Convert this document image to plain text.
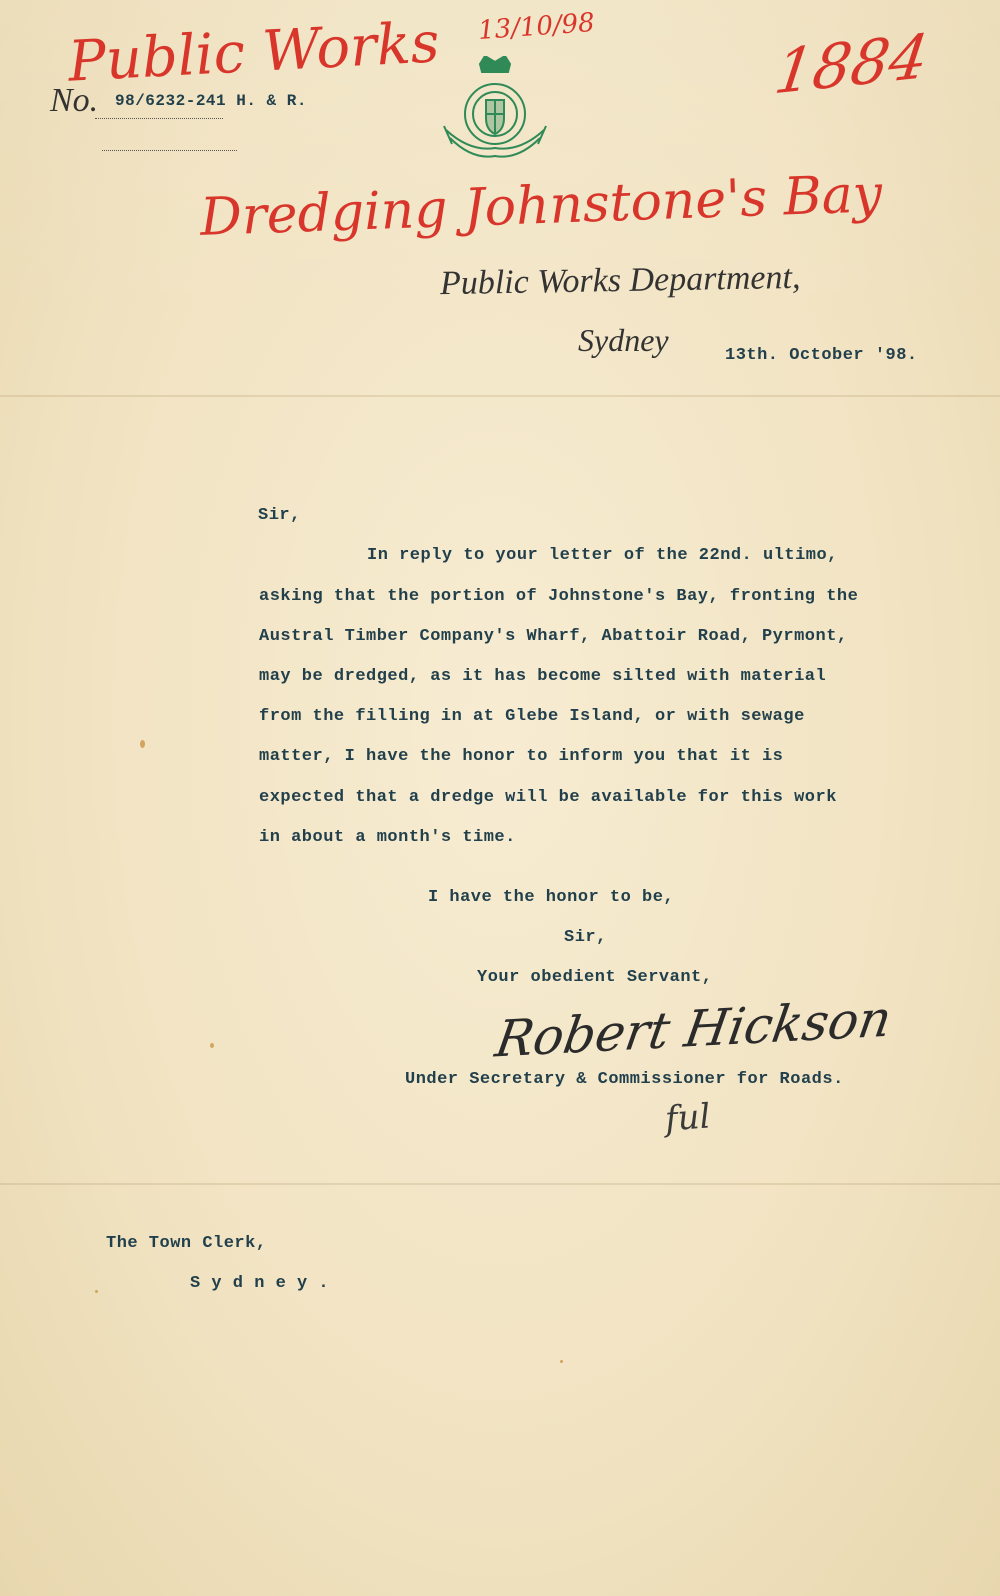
Public Works 13/10/98	1884
Dredging Johnstone's Bay
No. 98/6232-241 H. & R.
Public Works Department,
Sydney	13th. October '98.
Sir,
In reply to your letter of the 22nd. ultimo,
asking that the portion of Johnstone's Bay, fronting the
Austral Timber Company's Wharf, Abattoir Road, Pyrmont,
may be dredged, as it has become silted with material
from the filling in at Glebe Island, or with sewage
matter, I have the honor to inform you that it is
expected that a dredge will be available for this work
in about a month's time.
I have the honor to be,
Sir,
Your obedient Servant,
Robert Hickson
Under Secretary & Commissioner for Roads.
ful
The Town Clerk,
S y d n e y .
